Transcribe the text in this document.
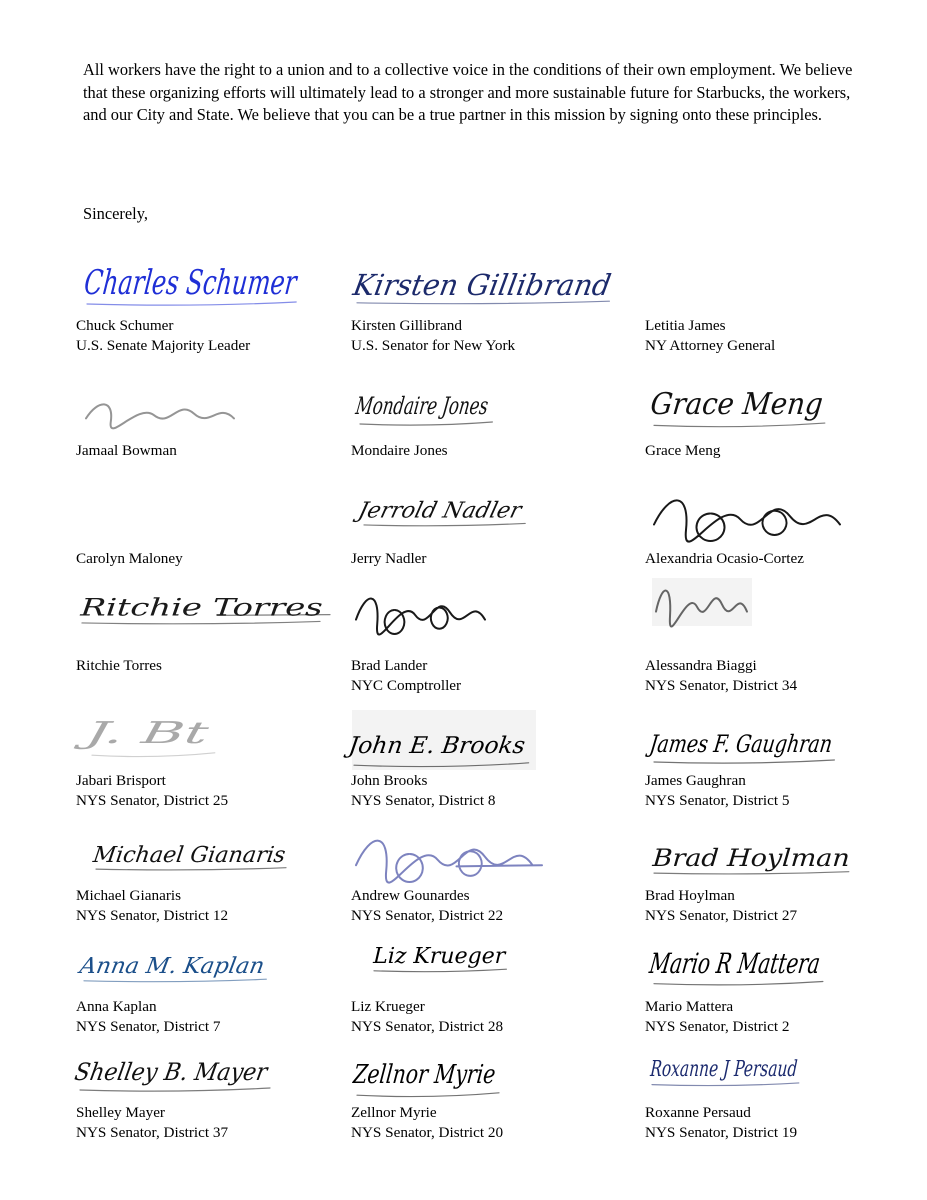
All workers have the right to a union and to a collective voice in the conditions of their own employment. We believe that these organizing efforts will ultimately lead to a stronger and more sustainable future for Starbucks, the workers, and our City and State. We believe that you can be a true partner in this mission by signing onto these principles.

Sincerely,

Charles Schumer
Chuck Schumer
U.S. Senate Majority Leader
Kirsten Gillibrand
Kirsten Gillibrand
U.S. Senator for New York
Letitia James
NY Attorney General
Jamaal Bowman
Mondaire Jones
Mondaire Jones
Grace Meng
Grace Meng
Carolyn Maloney
Jerrold Nadler
Jerry Nadler	Alexandria Ocasio-Cortez
Ritchie Torres
Ritchie Torres	Brad Lander
NYC Comptroller
Alessandra Biaggi
NYS Senator, District 34
J. Bt
Jabari Brisport
NYS Senator, District 25
John E. Brooks
John Brooks
NYS Senator, District 8
James F. Gaughran
James Gaughran
NYS Senator, District 5
Michael Gianaris
Michael Gianaris
NYS Senator, District 12
Andrew Gounardes
NYS Senator, District 22
Brad Hoylman
Brad Hoylman
NYS Senator, District 27
Anna M. Kaplan
Anna Kaplan
NYS Senator, District 7
Liz Krueger
Liz Krueger
NYS Senator, District 28
Mario R Mattera
Mario Mattera
NYS Senator, District 2
Shelley B. Mayer
Shelley Mayer
NYS Senator, District 37
Zellnor Myrie
Zellnor Myrie
NYS Senator, District 20
Roxanne J Persaud
Roxanne Persaud
NYS Senator, District 19
